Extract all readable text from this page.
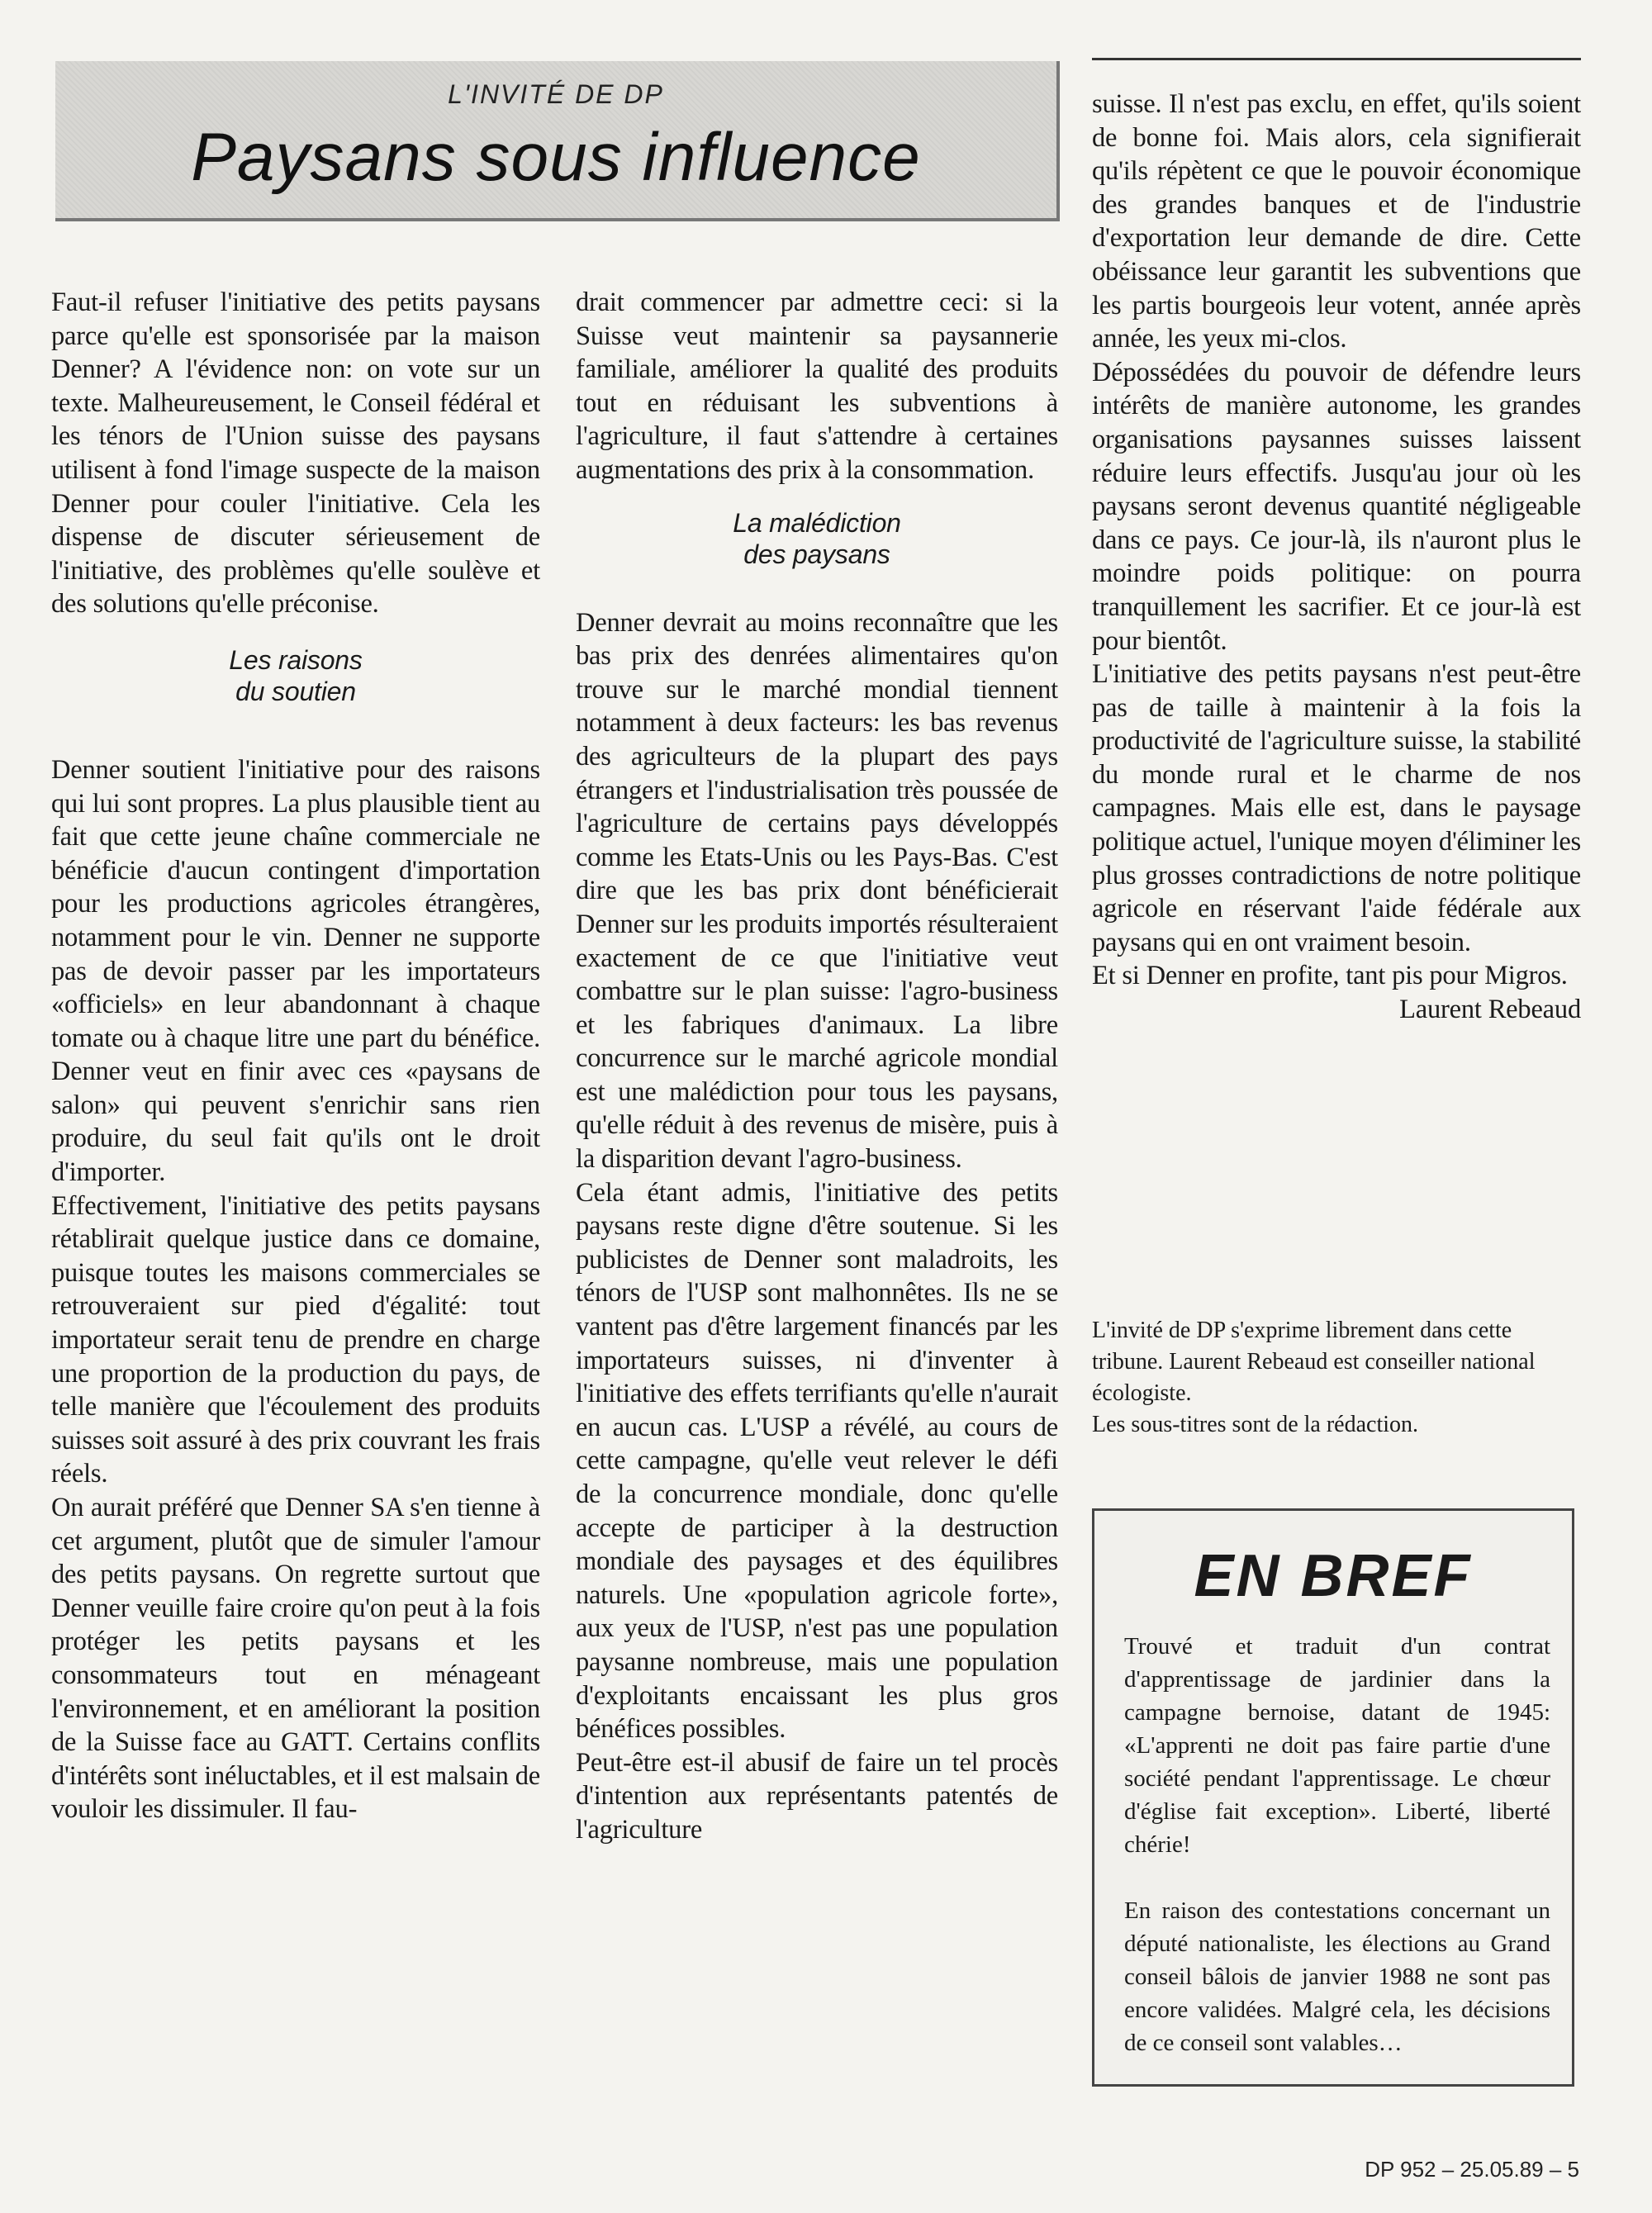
L'INVITÉ DE DP
Paysans sous influence

Faut-il refuser l'initiative des petits paysans parce qu'elle est sponsorisée par la maison Denner? A l'évidence non: on vote sur un texte. Malheureusement, le Conseil fédéral et les ténors de l'Union suisse des paysans utilisent à fond l'image suspecte de la maison Denner pour couler l'initiative. Cela les dispense de discuter sérieusement de l'initiative, des problèmes qu'elle soulève et des solutions qu'elle préconise.

Les raisons
du soutien

Denner soutient l'initiative pour des raisons qui lui sont propres. La plus plausible tient au fait que cette jeune chaîne commerciale ne bénéficie d'aucun contingent d'importation pour les productions agricoles étrangères, notamment pour le vin. Denner ne supporte pas de devoir passer par les importateurs «officiels» en leur abandonnant à chaque tomate ou à chaque litre une part du bénéfice. Denner veut en finir avec ces «paysans de salon» qui peuvent s'enrichir sans rien produire, du seul fait qu'ils ont le droit d'importer.

Effectivement, l'initiative des petits paysans rétablirait quelque justice dans ce domaine, puisque toutes les maisons commerciales se retrouveraient sur pied d'égalité: tout importateur serait tenu de prendre en charge une proportion de la production du pays, de telle manière que l'écoulement des produits suisses soit assuré à des prix couvrant les frais réels.

On aurait préféré que Denner SA s'en tienne à cet argument, plutôt que de simuler l'amour des petits paysans. On regrette surtout que Denner veuille faire croire qu'on peut à la fois protéger les petits paysans et les consommateurs tout en ménageant l'environnement, et en améliorant la position de la Suisse face au GATT. Certains conflits d'intérêts sont inéluctables, et il est malsain de vouloir les dissimuler. Il fau-

drait commencer par admettre ceci: si la Suisse veut maintenir sa paysannerie familiale, améliorer la qualité des produits tout en réduisant les subventions à l'agriculture, il faut s'attendre à certaines augmentations des prix à la consommation.

La malédiction
des paysans

Denner devrait au moins reconnaître que les bas prix des denrées alimentaires qu'on trouve sur le marché mondial tiennent notamment à deux facteurs: les bas revenus des agriculteurs de la plupart des pays étrangers et l'industrialisation très poussée de l'agriculture de certains pays développés comme les Etats-Unis ou les Pays-Bas. C'est dire que les bas prix dont bénéficierait Denner sur les produits importés résulteraient exactement de ce que l'initiative veut combattre sur le plan suisse: l'agro-business et les fabriques d'animaux. La libre concurrence sur le marché agricole mondial est une malédiction pour tous les paysans, qu'elle réduit à des revenus de misère, puis à la disparition devant l'agro-business.

Cela étant admis, l'initiative des petits paysans reste digne d'être soutenue. Si les publicistes de Denner sont maladroits, les ténors de l'USP sont malhonnêtes. Ils ne se vantent pas d'être largement financés par les importateurs suisses, ni d'inventer à l'initiative des effets terrifiants qu'elle n'aurait en aucun cas. L'USP a révélé, au cours de cette campagne, qu'elle veut relever le défi de la concurrence mondiale, donc qu'elle accepte de participer à la destruction mondiale des paysages et des équilibres naturels. Une «population agricole forte», aux yeux de l'USP, n'est pas une population paysanne nombreuse, mais une population d'exploitants encaissant les plus gros bénéfices possibles.

Peut-être est-il abusif de faire un tel procès d'intention aux représentants patentés de l'agriculture

suisse. Il n'est pas exclu, en effet, qu'ils soient de bonne foi. Mais alors, cela signifierait qu'ils répètent ce que le pouvoir économique des grandes banques et de l'industrie d'exportation leur demande de dire. Cette obéissance leur garantit les subventions que les partis bourgeois leur votent, année après année, les yeux mi-clos.

Dépossédées du pouvoir de défendre leurs intérêts de manière autonome, les grandes organisations paysannes suisses laissent réduire leurs effectifs. Jusqu'au jour où les paysans seront devenus quantité négligeable dans ce pays. Ce jour-là, ils n'auront plus le moindre poids politique: on pourra tranquillement les sacrifier. Et ce jour-là est pour bientôt.

L'initiative des petits paysans n'est peut-être pas de taille à maintenir à la fois la productivité de l'agriculture suisse, la stabilité du monde rural et le charme de nos campagnes. Mais elle est, dans le paysage politique actuel, l'unique moyen d'éliminer les plus grosses contradictions de notre politique agricole en réservant l'aide fédérale aux paysans qui en ont vraiment besoin.

Et si Denner en profite, tant pis pour Migros.

Laurent Rebeaud

L'invité de DP s'exprime librement dans cette tribune. Laurent Rebeaud est conseiller national écologiste.

Les sous-titres sont de la rédaction.

EN BREF

Trouvé et traduit d'un contrat d'apprentissage de jardinier dans la campagne bernoise, datant de 1945: «L'apprenti ne doit pas faire partie d'une société pendant l'apprentissage. Le chœur d'église fait exception». Liberté, liberté chérie!

En raison des contestations concernant un député nationaliste, les élections au Grand conseil bâlois de janvier 1988 ne sont pas encore validées. Malgré cela, les décisions de ce conseil sont valables…

DP 952 – 25.05.89 – 5
